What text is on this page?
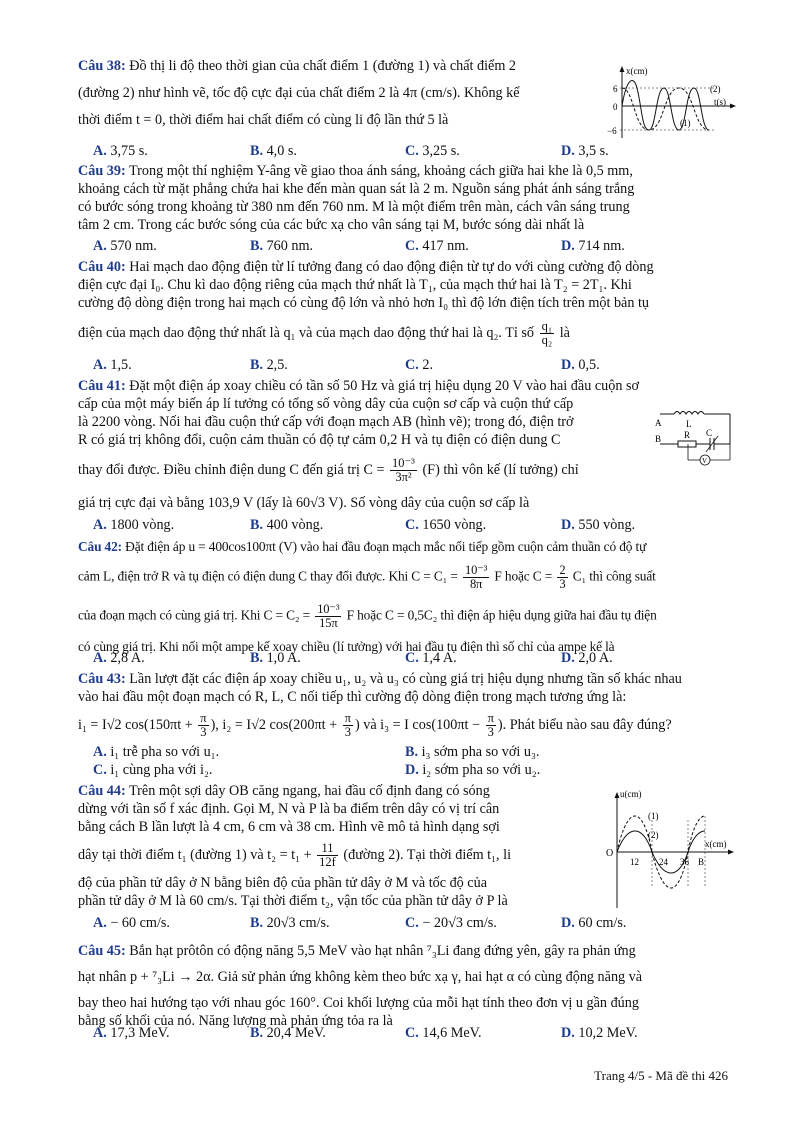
Câu 38: Đồ thị li độ theo thời gian của chất điểm 1 (đường 1) và chất điểm 2
(đường 2) như hình vẽ, tốc độ cực đại của chất điểm 2 là 4π (cm/s). Không kể
thời điểm t = 0, thời điểm hai chất điểm có cùng li độ lần thứ 5 là
x(cm)
6
0
−6
t(s)
(2)
(1)
A. 3,75 s.	B. 4,0 s.	C. 3,25 s.	D. 3,5 s.
Câu 39: Trong một thí nghiệm Y-âng về giao thoa ánh sáng, khoảng cách giữa hai khe là 0,5 mm,
khoảng cách từ mặt phẳng chứa hai khe đến màn quan sát là 2 m. Nguồn sáng phát ánh sáng trắng
có bước sóng trong khoảng từ 380 nm đến 760 nm. M là một điểm trên màn, cách vân sáng trung
tâm 2 cm. Trong các bước sóng của các bức xạ cho vân sáng tại M, bước sóng dài nhất là
A. 570 nm.	B. 760 nm.	C. 417 nm.	D. 714 nm.
Câu 40: Hai mạch dao động điện từ lí tưởng đang có dao động điện từ tự do với cùng cường độ dòng
điện cực đại I₀. Chu kì dao động riêng của mạch thứ nhất là T₁, của mạch thứ hai là T₂ = 2T₁. Khi
cường độ dòng điện trong hai mạch có cùng độ lớn và nhỏ hơn I₀ thì độ lớn điện tích trên một bản tụ
điện của mạch dao động thứ nhất là q₁ và của mạch dao động thứ hai là q₂. Tỉ số $\frac{\text{q₁}}{\text{q₂}}$ là
A. 1,5.	B. 2,5.	C. 2.	D. 0,5.
Câu 41: Đặt một điện áp xoay chiều có tần số 50 Hz và giá trị hiệu dụng 20 V vào hai đầu cuộn sơ
cấp của một máy biến áp lí tưởng có tổng số vòng dây của cuộn sơ cấp và cuộn thứ cấp
là 2200 vòng. Nối hai đầu cuộn thứ cấp với đoạn mạch AB (hình vẽ); trong đó, điện trở
R có giá trị không đổi, cuộn cảm thuần có độ tự cảm 0,2 H và tụ điện có điện dung C
thay đổi được. Điều chỉnh điện dung C đến giá trị $C = \frac{\text{10⁻³}}{\text{3π²}} (F)$ thì vôn kế (lí tưởng) chỉ
giá trị cực đại và bằng 103,9 V (lấy là 60√3 V). Số vòng dây của cuộn sơ cấp là
A
B
L
R C
V
A. 1800 vòng.	B. 400 vòng.	C. 1650 vòng.	D. 550 vòng.
Câu 42: Đặt điện áp u = 400cos100πt (V) vào hai đầu đoạn mạch mắc nối tiếp gồm cuộn cảm thuần có độ tự
cảm L, điện trở R và tụ điện có điện dung C thay đổi được. Khi $C = C_1 = \frac{\text{10⁻³}}{8\pi}$ F hoặc $C = \frac{2}{3} C_1$ thì công suất
của đoạn mạch có cùng giá trị. Khi $C = C_2 = \frac{\text{10⁻³}}{15\pi}$ F hoặc C = 0,5C₂ thì điện áp hiệu dụng giữa hai đầu tụ điện
có cùng giá trị. Khi nối một ampe kế xoay chiều (lí tưởng) với hai đầu tụ điện thì số chỉ của ampe kế là
A. 2,8 A.	B. 1,0 A.	C. 1,4 A.	D. 2,0 A.
Câu 43: Lần lượt đặt các điện áp xoay chiều u₁, u₂ và u₃ có cùng giá trị hiệu dụng nhưng tần số khác nhau
vào hai đầu một đoạn mạch có R, L, C nối tiếp thì cường độ dòng điện trong mạch tương ứng là:
i₁ = I√2 $\cos(150\pi t + \frac{\pi}{3}$ ), i₂ = I√2 $\cos(200\pi t + \frac{\pi}{3}$ ) và i₃ = I $\cos(100\pi t - \frac{\pi}{3}$ ). Phát biểu nào sau đây đúng?
A. i₁ trễ pha so với u₁.	B. i₃ sớm pha so với u₃.
C. i₁ cùng pha với i₂.	D. i₂ sớm pha so với u₂.
Câu 44: Trên một sợi dây OB căng ngang, hai đầu cố định đang có sóng
dừng với tần số f xác định. Gọi M, N và P là ba điểm trên dây có vị trí cân
bằng cách B lần lượt là 4 cm, 6 cm và 38 cm. Hình vẽ mô tả hình dạng sợi
dây tại thời điểm t₁ (đường 1) và $t_2 = t_1 + \frac{11}{12f}$ (đường 2). Tại thời điểm t₁, li
độ của phần tử dây ở N bằng biên độ của phần tử dây ở M và tốc độ của
phần tử dây ở M là 60 cm/s. Tại thời điểm t₂, vận tốc của phần tử dây ở P là
u(cm)
x(cm)
O
12 24 36 B
(1)
(2)
A. − 60 cm/s.	B. 20√3 cm/s.	C. − 20√3 cm/s.	D. 60 cm/s.
Câu 45: Bắn hạt prôtôn có động năng 5,5 MeV vào hạt nhân ⁷₃Li đang đứng yên, gây ra phản ứng
hạt nhân p + ⁷₃Li → 2α. Giả sử phản ứng không kèm theo bức xạ γ, hai hạt α có cùng động năng và
bay theo hai hướng tạo với nhau góc 160°. Coi khối lượng của mỗi hạt tính theo đơn vị u gần đúng
bằng số khối của nó. Năng lượng mà phản ứng tỏa ra là
A. 17,3 MeV.	B. 20,4 MeV.	C. 14,6 MeV.	D. 10,2 MeV.
Trang 4/5 - Mã đề thi 426
